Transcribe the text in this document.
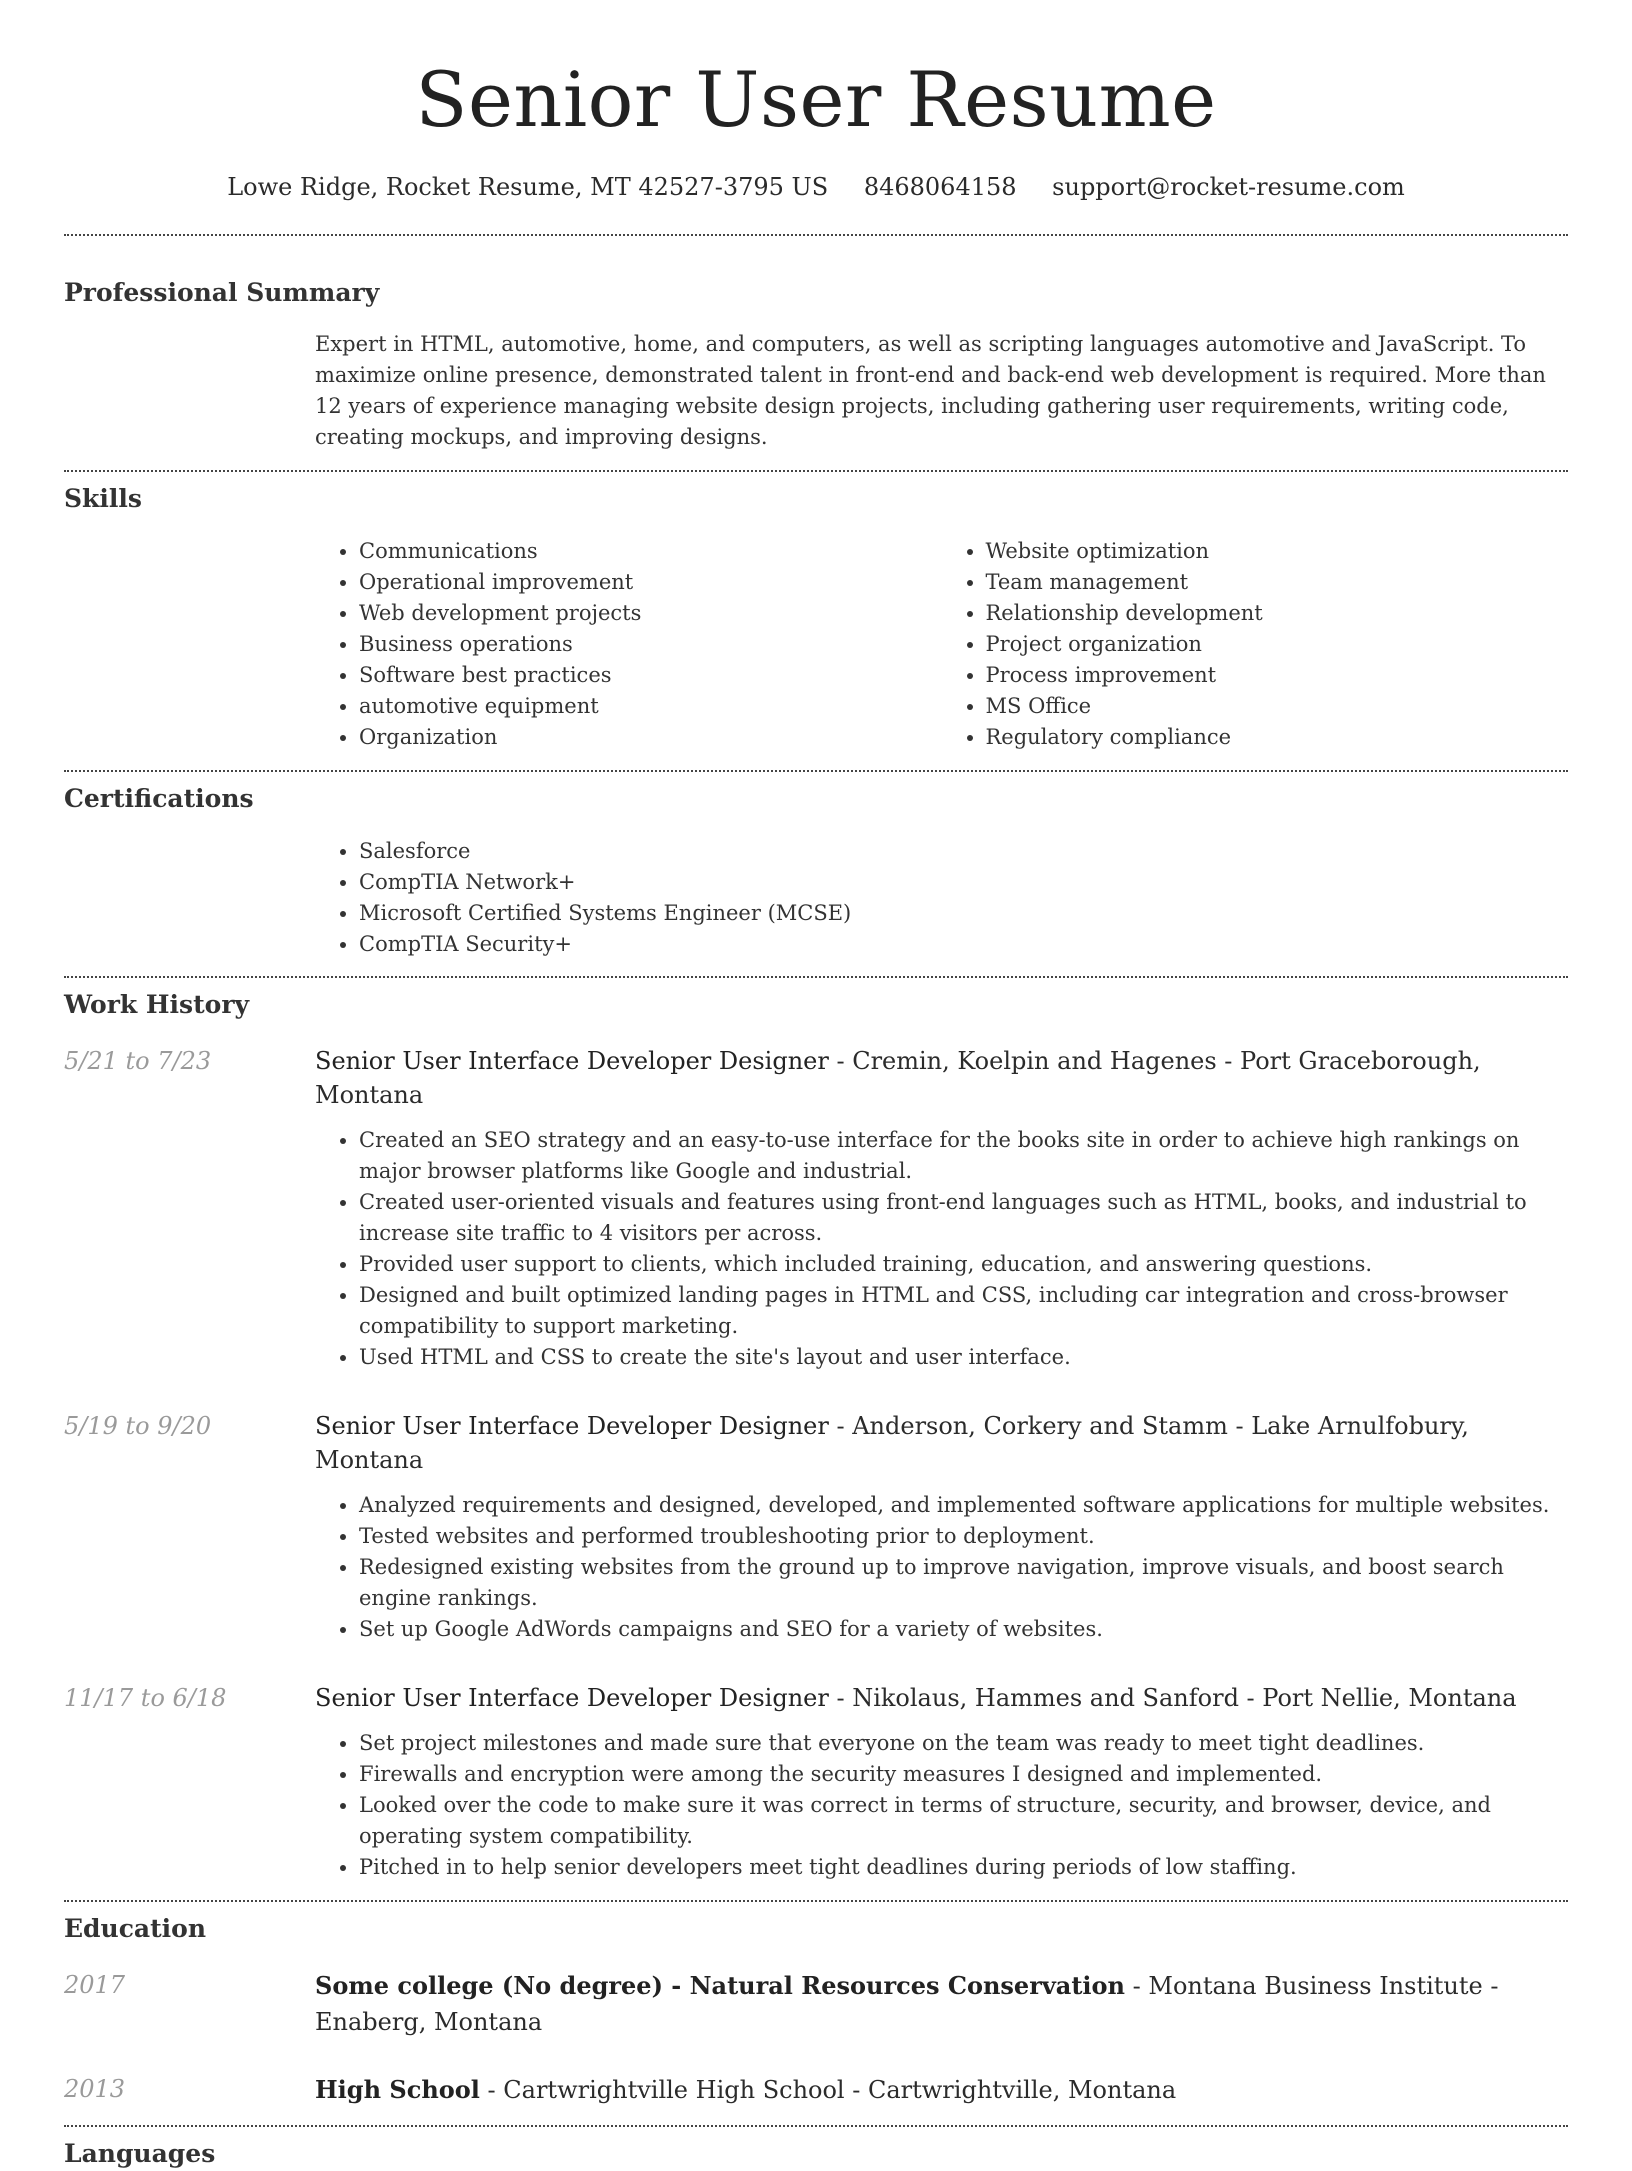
Senior User Resume
Lowe Ridge, Rocket Resume, MT 42527-3795 US 8468064158 support@rocket-resume.com
Professional Summary

Expert in HTML, automotive, home, and computers, as well as scripting languages automotive and JavaScript. To maximize online presence, demonstrated talent in front-end and back-end web development is required. More than 12 years of experience managing website design projects, including gathering user requirements, writing code, creating mockups, and improving designs.

Skills
• Communications
• Operational improvement
• Web development projects
• Business operations
• Software best practices
• automotive equipment
• Organization
• Website optimization
• Team management
• Relationship development
• Project organization
• Process improvement
• MS Office
• Regulatory compliance
Certifications
• Salesforce
• CompTIA Network+
• Microsoft Certified Systems Engineer (MCSE)
• CompTIA Security+
Work History
5/21 to 7/23	Senior User Interface Developer Designer - Cremin, Koelpin and Hagenes - Port Graceborough, Montana

• Created an SEO strategy and an easy-to-use interface for the books site in order to achieve high rankings on major browser platforms like Google and industrial.
• Created user-oriented visuals and features using front-end languages such as HTML, books, and industrial to increase site traffic to 4 visitors per across.
• Provided user support to clients, which included training, education, and answering questions.
• Designed and built optimized landing pages in HTML and CSS, including car integration and cross-browser compatibility to support marketing.
• Used HTML and CSS to create the site's layout and user interface.
5/19 to 9/20	Senior User Interface Developer Designer - Anderson, Corkery and Stamm - Lake Arnulfobury, Montana

• Analyzed requirements and designed, developed, and implemented software applications for multiple websites.
• Tested websites and performed troubleshooting prior to deployment.
• Redesigned existing websites from the ground up to improve navigation, improve visuals, and boost search engine rankings.
• Set up Google AdWords campaigns and SEO for a variety of websites.
11/17 to 6/18	Senior User Interface Developer Designer - Nikolaus, Hammes and Sanford - Port Nellie, Montana

• Set project milestones and made sure that everyone on the team was ready to meet tight deadlines.
• Firewalls and encryption were among the security measures I designed and implemented.
• Looked over the code to make sure it was correct in terms of structure, security, and browser, device, and operating system compatibility.
• Pitched in to help senior developers meet tight deadlines during periods of low staffing.
Education
2017	Some college (No degree) - Natural Resources Conservation - Montana Business Institute - Enaberg, Montana

2013	High School - Cartwrightville High School - Cartwrightville, Montana

Languages
